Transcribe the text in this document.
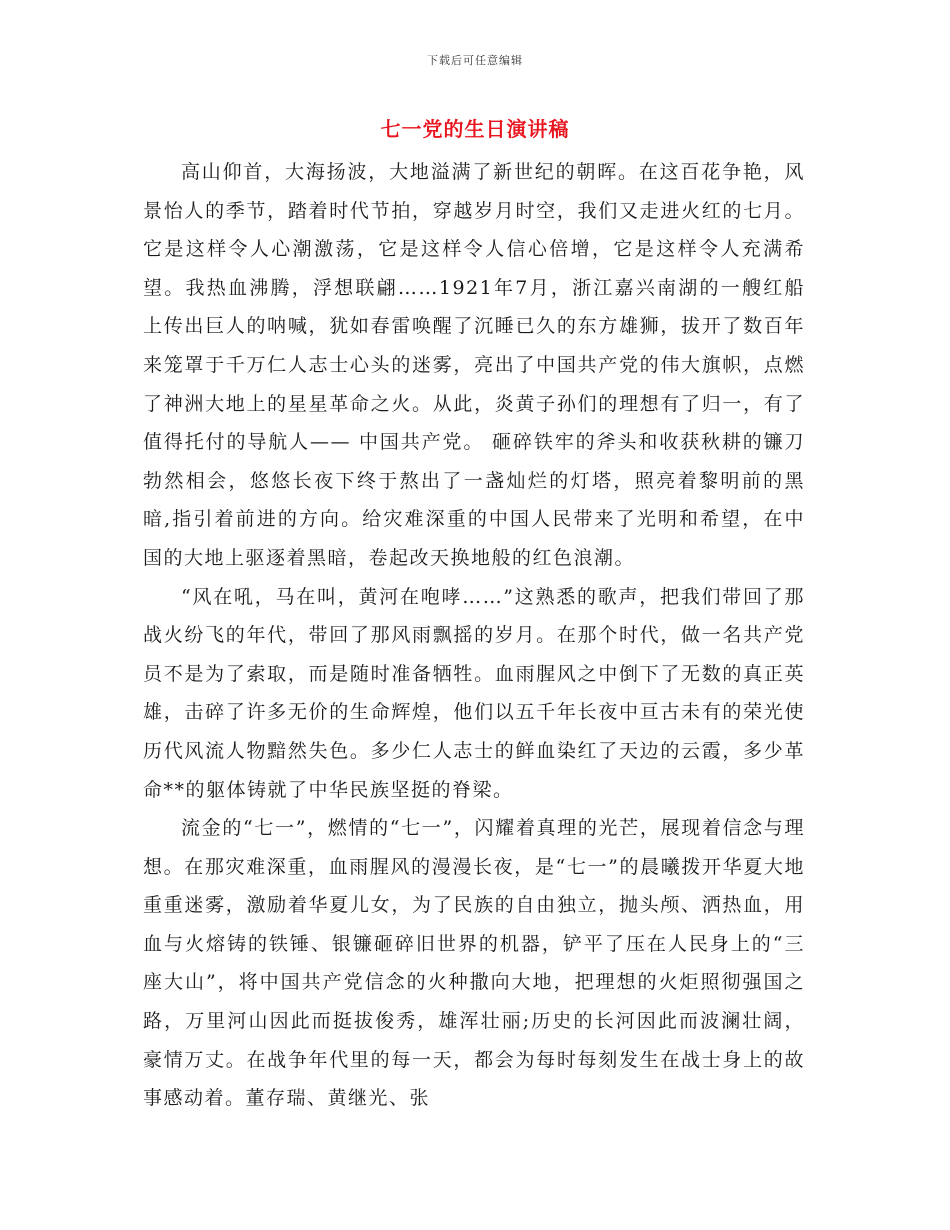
下载后可任意编辑
七一党的生日演讲稿

高山仰首，大海扬波，大地溢满了新世纪的朝晖。在这百花争艳，风景怡人的季节，踏着时代节拍，穿越岁月时空，我们又走进火红的七月。它是这样令人心潮激荡，它是这样令人信心倍增，它是这样令人充满希望。我热血沸腾，浮想联翩……1921年7月，浙江嘉兴南湖的一艘红船上传出巨人的呐喊，犹如春雷唤醒了沉睡已久的东方雄狮，拔开了数百年来笼罩于千万仁人志士心头的迷雾，亮出了中国共产党的伟大旗帜，点燃了神洲大地上的星星革命之火。从此，炎黄子孙们的理想有了归一，有了值得托付的导航人—— 中国共产党。 砸碎铁牢的斧头和收获秋耕的镰刀勃然相会，悠悠长夜下终于熬出了一盏灿烂的灯塔，照亮着黎明前的黑暗,指引着前进的方向。给灾难深重的中国人民带来了光明和希望，在中国的大地上驱逐着黑暗，卷起改天换地般的红色浪潮。

“风在吼，马在叫，黄河在咆哮……”这熟悉的歌声，把我们带回了那战火纷飞的年代，带回了那风雨飘摇的岁月。在那个时代，做一名共产党员不是为了索取，而是随时准备牺牲。血雨腥风之中倒下了无数的真正英雄，击碎了许多无价的生命辉煌，他们以五千年长夜中亘古未有的荣光使历代风流人物黯然失色。多少仁人志士的鲜血染红了天边的云霞，多少革命**的躯体铸就了中华民族坚挺的脊梁。

流金的“七一”，燃情的“七一”，闪耀着真理的光芒，展现着信念与理想。在那灾难深重，血雨腥风的漫漫长夜，是“七一”的晨曦拨开华夏大地重重迷雾，激励着华夏儿女，为了民族的自由独立，抛头颅、洒热血，用血与火熔铸的铁锤、银镰砸碎旧世界的机器，铲平了压在人民身上的“三座大山”，将中国共产党信念的火种撒向大地，把理想的火炬照彻强国之路，万里河山因此而挺拔俊秀，雄浑壮丽;历史的长河因此而波澜壮阔，豪情万丈。在战争年代里的每一天，都会为每时每刻发生在战士身上的故事感动着。董存瑞、黄继光、张
